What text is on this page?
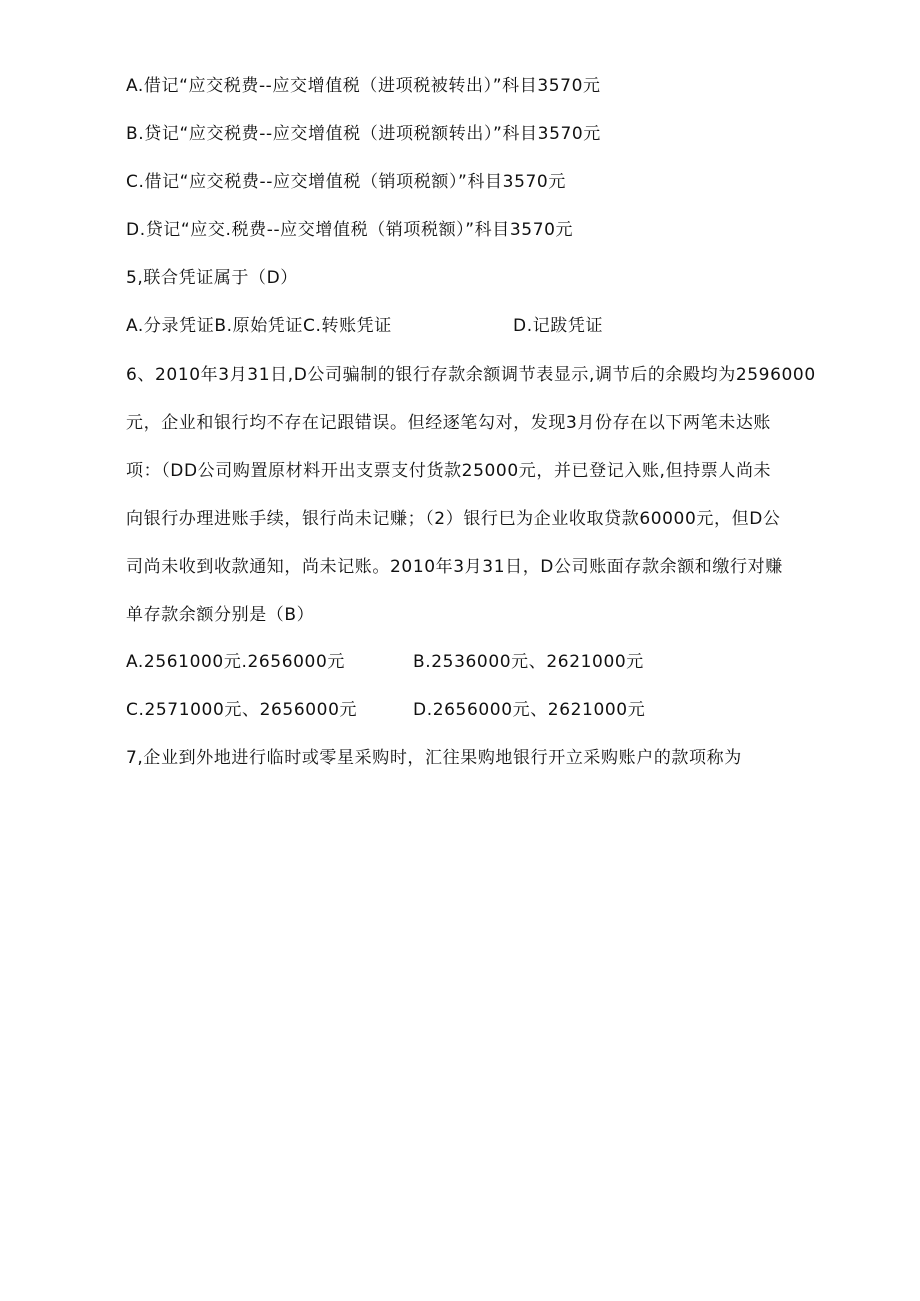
A.借记“应交税费--应交增值税（进项税被转出）”科目3570元
B.贷记“应交税费--应交增值税（进项税额转出）”科目3570元
C.借记“应交税费--应交增值税（销项税额）”科目3570元
D.贷记“应交.税费--应交增值税（销项税额）”科目3570元
5,联合凭证属于（D）
A.分录凭证B.原始凭证C.转账凭证	D.记跋凭证
6、2010年3月31日,D公司骗制的银行存款余额调节表显示,调节后的余殿均为2596000
元，企业和银行均不存在记跟错误。但经逐笔勾对，发现3月份存在以下两笔未达账
项：（DD公司购置原材料开出支票支付货款25000元，并已登记入账,但持票人尚未
向银行办理进账手续，银行尚未记赚；（2）银行巳为企业收取贷款60000元，但D公
司尚未收到收款通知，尚未记账。2010年3月31日，D公司账面存款余额和缴行对赚
单存款余额分别是（B）
A.2561000元.2656000元	B.2536000元、2621000元
C.2571000元、2656000元	D.2656000元、2621000元
7,企业到外地进行临时或零星采购时，汇往果购地银行开立采购账户的款项称为
